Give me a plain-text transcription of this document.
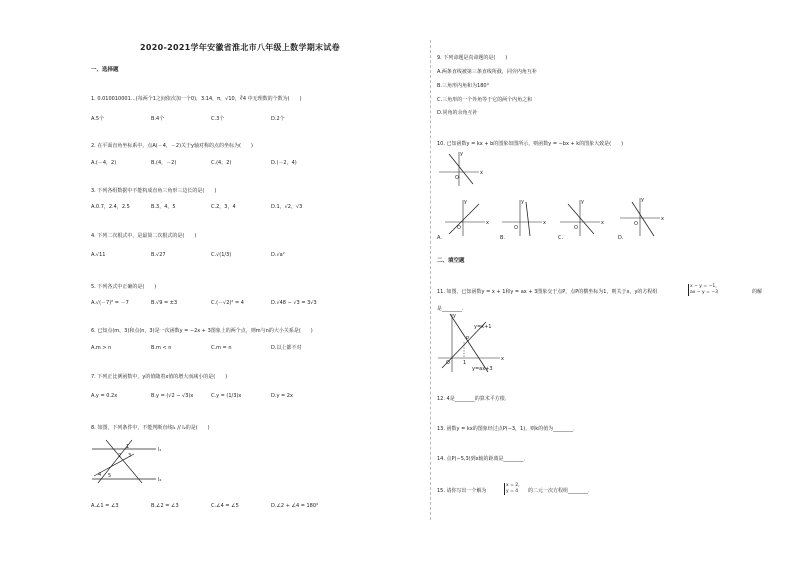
2020-2021学年安徽省淮北市八年级上数学期末试卷
一、选择题
1. 0.010010001…(每两个1之间依次加一个0)，3.14，π，√10，∛4 中无理数的个数为(　　)
A.5个	B.4个	C.3个	D.2个
2. 在平面直角坐标系中，点A(－4，－2)关于y轴对称的点的坐标为(　　)
A.(－4，2)	B.(4，－2)	C.(4，2)	D.(－2，4)
3. 下列各组数据中不能构成直角三角形三边长的是(　　)
A.0.7，2.4，2.5	B.3，4，5	C.2，3，4	D.1，√2，√3
4. 下列二次根式中，是最简二次根式的是(　　)
A.√11	B.√27	C.√(1/3)	D.√a²
5. 下列各式中正确的是(　　)
A.√(－7)² = －7	B.√9 = ±3	C.(－√2)² = 4	D.√48 − √3 = 3√3
6. 已知点(m，3)和点(n，3)是一次函数y = −2x + 3图象上的两个点，则m与n的大小关系是(　　)
A.m > n	B.m < n	C.m = n	D.以上都不对
7. 下列正比例函数中，y的值随着x值的增大而减小的是(　　)
A.y = 0.2x	B.y = (√2 − √3)x	C.y = (1/3)x	D.y = 2x
8. 如图，下列条件中，不能判断直线l₁ // l₂的是(　　)
l₁
l₂
1
2 3
4 5
A.∠1 = ∠3	B.∠2 = ∠3	C.∠4 = ∠5	D.∠2 + ∠4 = 180°
9. 下列命题是真命题的是(　　)
A.两条直线被第三条直线所截，同旁内角互补
B.三角形内角和为180°
C.三角形的一个外角等于它的两个内角之和
D.同角的余角互补
10. 已知函数y = kx + b的图象如图所示，则函数y = −bx + k的图象大致是(　　)
x
y
O
x
y
O
x
y
O
x
y
O
x
y
O
A.	B.	C.	D.
二、填空题
11. 如图，已知函数y = x + 1和y = ax + 3图象交于点P，点P的横坐标为1，则关于x，y的方程组
x − y = −1，
ax − y = −3	的解
是________．
x
y
O	1
P
y=x+1
y=ax+3
12. 4是________的算术平方根．
13. 函数y = kx的图象经过点P(−3，1)，则k的值为________．
14. 点P(−5,3)到x轴的距离是________．
15. 请你写出一个解为
x = 2，
y = 4	的二元一次方程组________．
